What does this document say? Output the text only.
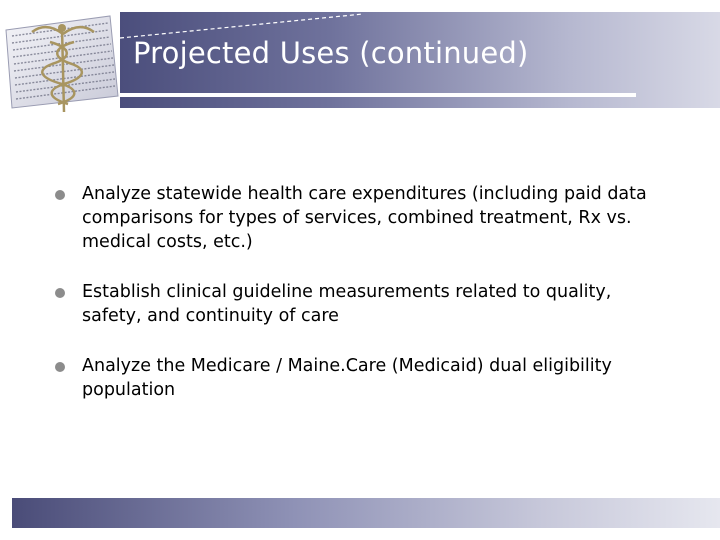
Projected Uses (continued)
Analyze statewide health care expenditures (including paid data comparisons for types of services, combined treatment, Rx vs. medical costs, etc.)
Establish clinical guideline measurements related to quality, safety, and continuity of care
Analyze the Medicare / Maine.Care (Medicaid) dual eligibility population
